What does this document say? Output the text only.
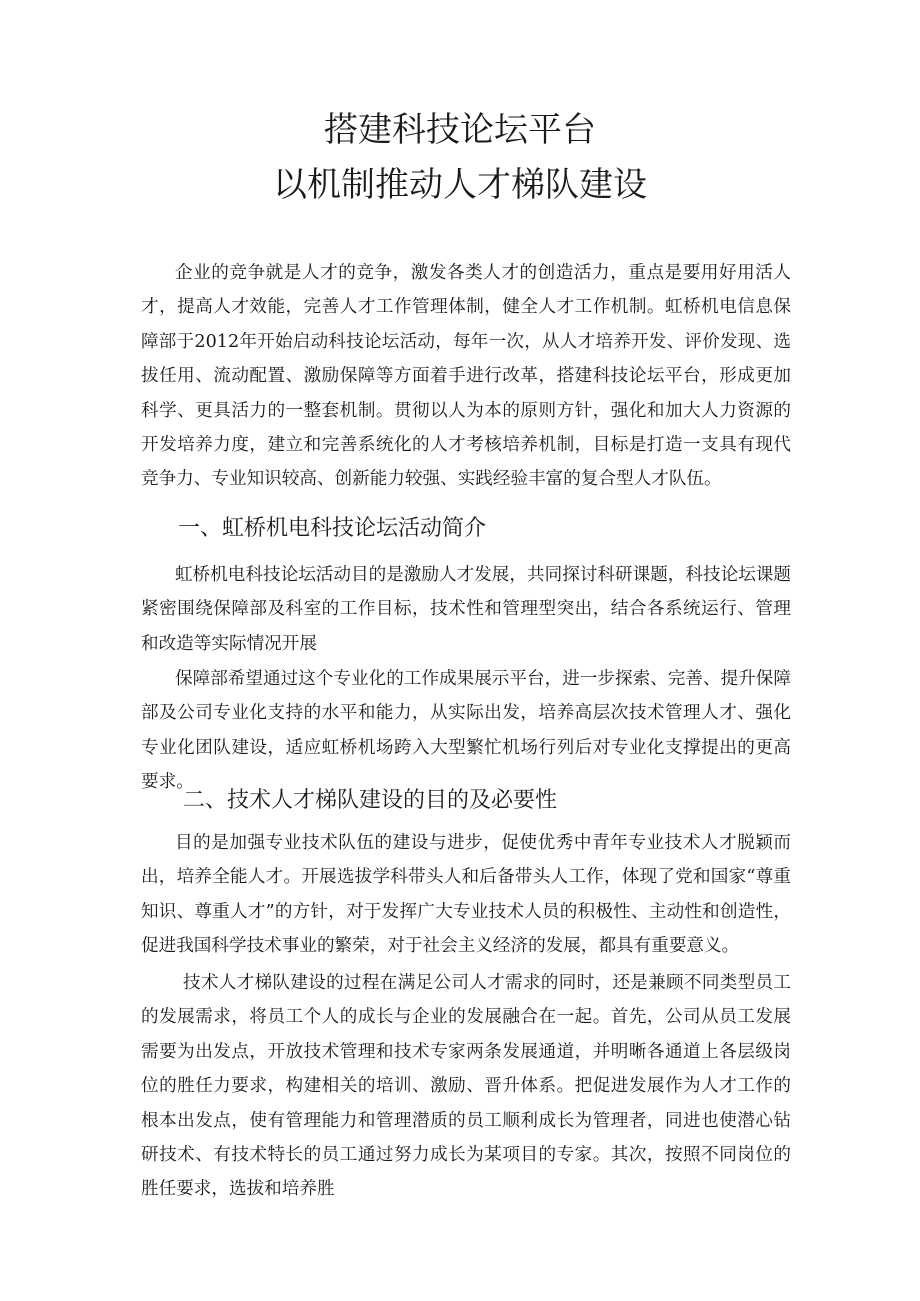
搭建科技论坛平台
以机制推动人才梯队建设

企业的竞争就是人才的竞争，激发各类人才的创造活力，重点是要用好用活人才，提高人才效能，完善人才工作管理体制，健全人才工作机制。虹桥机电信息保障部于2012年开始启动科技论坛活动，每年一次，从人才培养开发、评价发现、选拔任用、流动配置、激励保障等方面着手进行改革，搭建科技论坛平台，形成更加科学、更具活力的一整套机制。贯彻以人为本的原则方针，强化和加大人力资源的开发培养力度，建立和完善系统化的人才考核培养机制，目标是打造一支具有现代竞争力、专业知识较高、创新能力较强、实践经验丰富的复合型人才队伍。

一、虹桥机电科技论坛活动简介

虹桥机电科技论坛活动目的是激励人才发展，共同探讨科研课题，科技论坛课题紧密围绕保障部及科室的工作目标，技术性和管理型突出，结合各系统运行、管理和改造等实际情况开展

保障部希望通过这个专业化的工作成果展示平台，进一步探索、完善、提升保障部及公司专业化支持的水平和能力，从实际出发，培养高层次技术管理人才、强化专业化团队建设，适应虹桥机场跨入大型繁忙机场行列后对专业化支撑提出的更高要求。

二、技术人才梯队建设的目的及必要性

目的是加强专业技术队伍的建设与进步，促使优秀中青年专业技术人才脱颖而出，培养全能人才。开展选拔学科带头人和后备带头人工作，体现了党和国家“尊重知识、尊重人才”的方针，对于发挥广大专业技术人员的积极性、主动性和创造性，促进我国科学技术事业的繁荣，对于社会主义经济的发展，都具有重要意义。

技术人才梯队建设的过程在满足公司人才需求的同时，还是兼顾不同类型员工的发展需求，将员工个人的成长与企业的发展融合在一起。首先，公司从员工发展需要为出发点，开放技术管理和技术专家两条发展通道，并明晰各通道上各层级岗位的胜任力要求，构建相关的培训、激励、晋升体系。把促进发展作为人才工作的根本出发点，使有管理能力和管理潜质的员工顺利成长为管理者，同进也使潜心钻研技术、有技术特长的员工通过努力成长为某项目的专家。其次，按照不同岗位的胜任要求，选拔和培养胜
